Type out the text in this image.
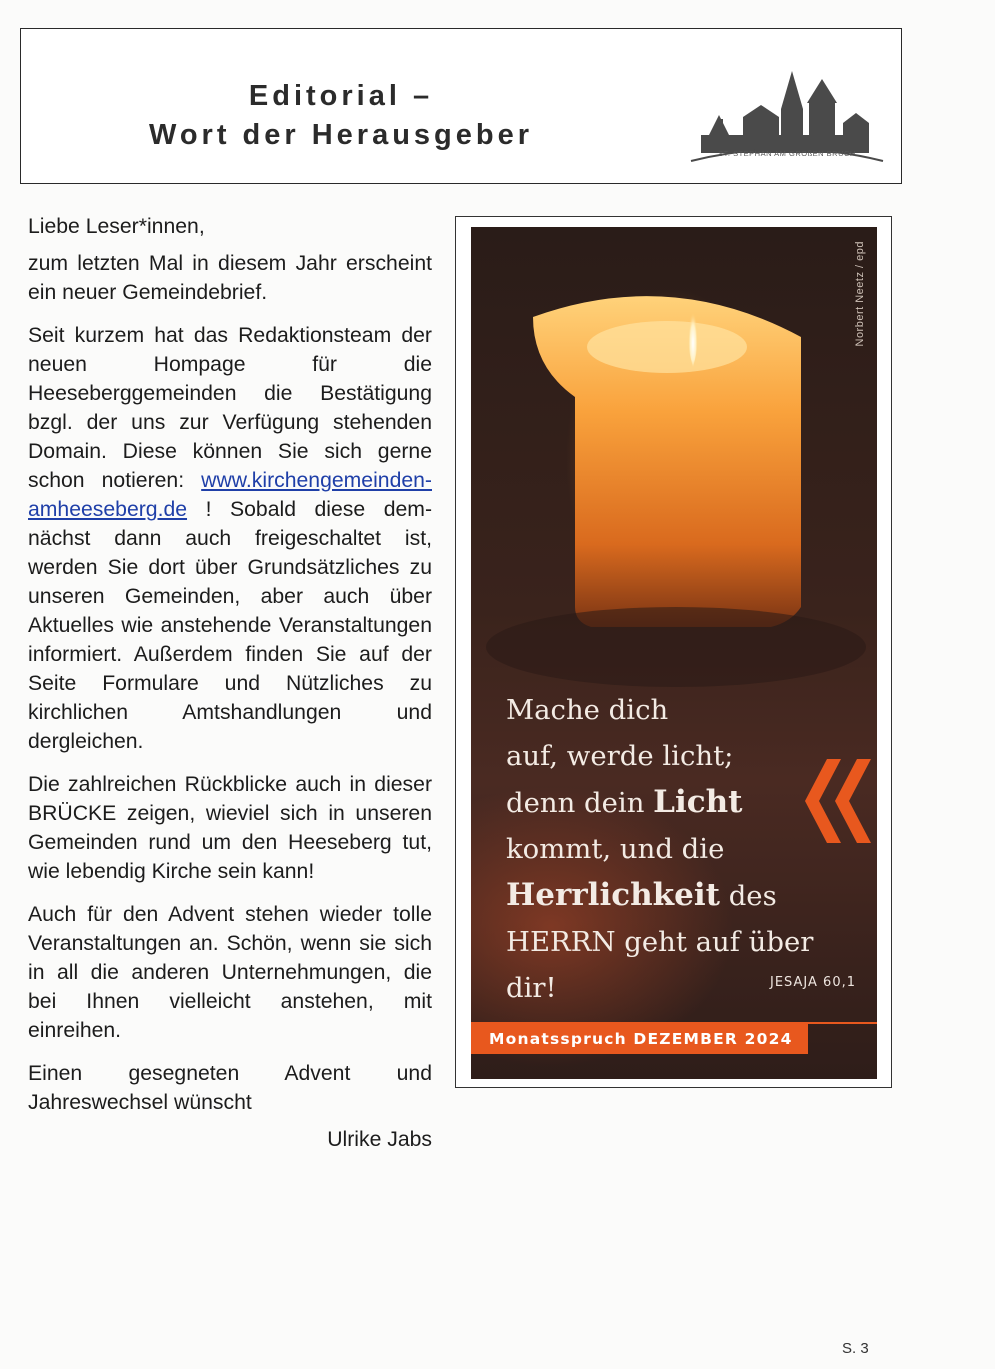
Editorial –
Wort der Herausgeber
ST. STEPHAN AM GROßEN BRUCH

Liebe Leser*innen,

zum letzten Mal in diesem Jahr erscheint ein neuer Gemeindebrief.

Seit kurzem hat das Redaktionsteam der neuen Hompage für die Heeseberggemeinden die Bestätigung bzgl. der uns zur Verfügung stehenden Domain. Diese können Sie sich gerne schon notieren: www.kirchengemeinden-amheeseberg.de ! Sobald diese demnächst dann auch freigeschaltet ist, werden Sie dort über Grundsätzliches zu unseren Gemeinden, aber auch über Aktuelles wie anstehende Veranstaltungen informiert. Außerdem finden Sie auf der Seite Formulare und Nützliches zu kirchlichen Amtshandlungen und dergleichen.

Die zahlreichen Rückblicke auch in dieser BRÜCKE zeigen, wieviel sich in unseren Gemeinden rund um den Heeseberg tut, wie lebendig Kirche sein kann!

Auch für den Advent stehen wieder tolle Veranstaltungen an. Schön, wenn sie sich in all die anderen Unternehmungen, die bei Ihnen vielleicht anstehen, mit einreihen.

Einen gesegneten Advent und Jahreswechsel wünscht

Ulrike Jabs
Norbert Neetz / epd
Mache dich
auf, werde licht;
denn dein Licht
kommt, und die
Herrlichkeit des
HERRN geht auf über dir!	JESAJA 60,1
Monatsspruch DEZEMBER 2024
S. 3
